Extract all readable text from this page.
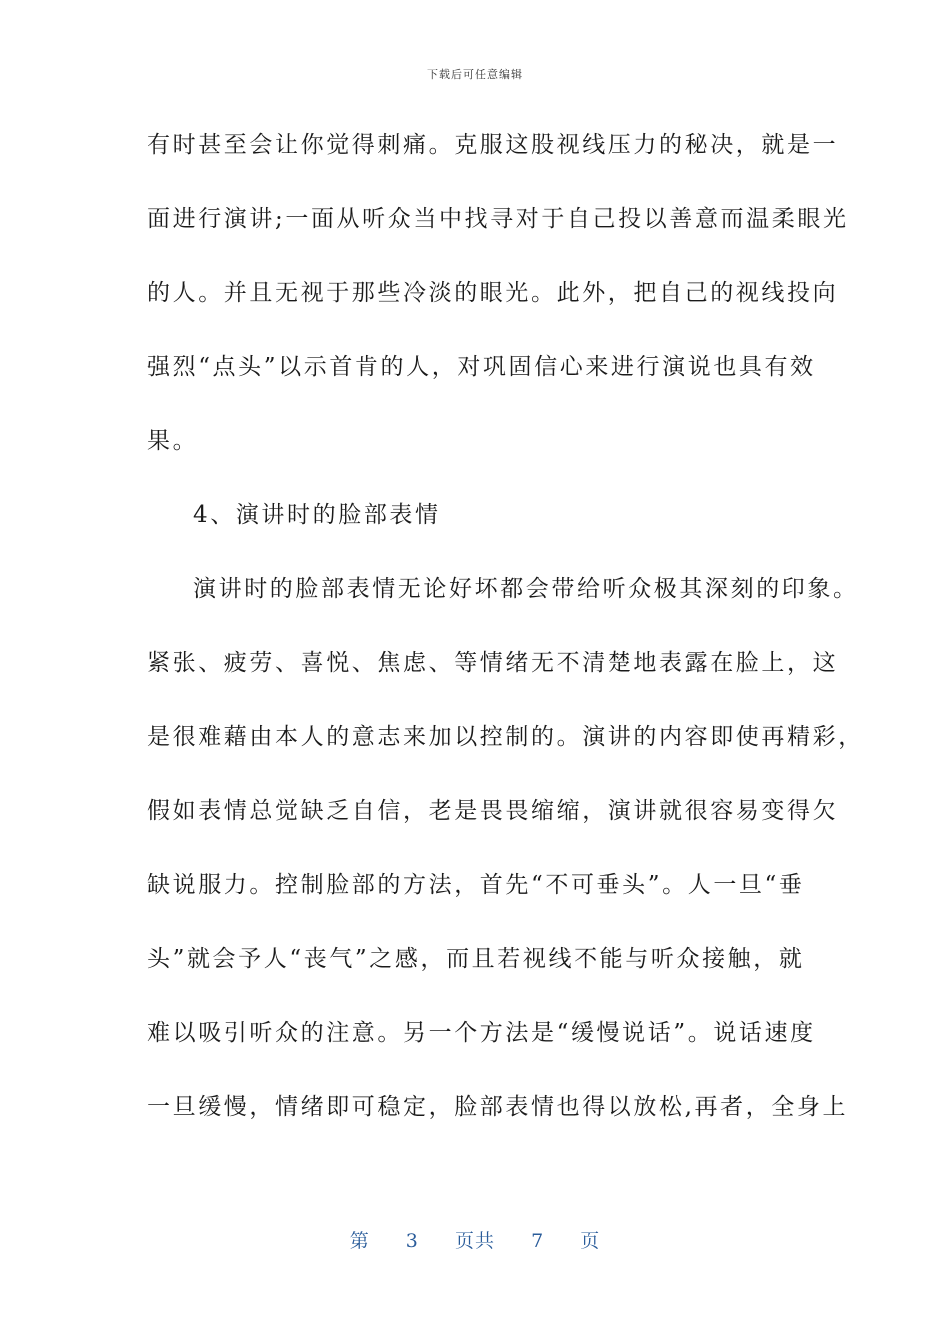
下载后可任意编辑
有时甚至会让你觉得刺痛。克服这股视线压力的秘决，就是一
面进行演讲;一面从听众当中找寻对于自己投以善意而温柔眼光
的人。并且无视于那些冷淡的眼光。此外，把自己的视线投向
强烈“点头”以示首肯的人，对巩固信心来进行演说也具有效
果。
4、演讲时的脸部表情
演讲时的脸部表情无论好坏都会带给听众极其深刻的印象。
紧张、疲劳、喜悦、焦虑、等情绪无不清楚地表露在脸上，这
是很难藉由本人的意志来加以控制的。演讲的内容即使再精彩，
假如表情总觉缺乏自信，老是畏畏缩缩，演讲就很容易变得欠
缺说服力。控制脸部的方法，首先“不可垂头”。人一旦“垂
头”就会予人“丧气”之感，而且若视线不能与听众接触，就
难以吸引听众的注意。另一个方法是“缓慢说话”。说话速度
一旦缓慢，情绪即可稳定，脸部表情也得以放松,再者，全身上
第 3 页共 7 页
